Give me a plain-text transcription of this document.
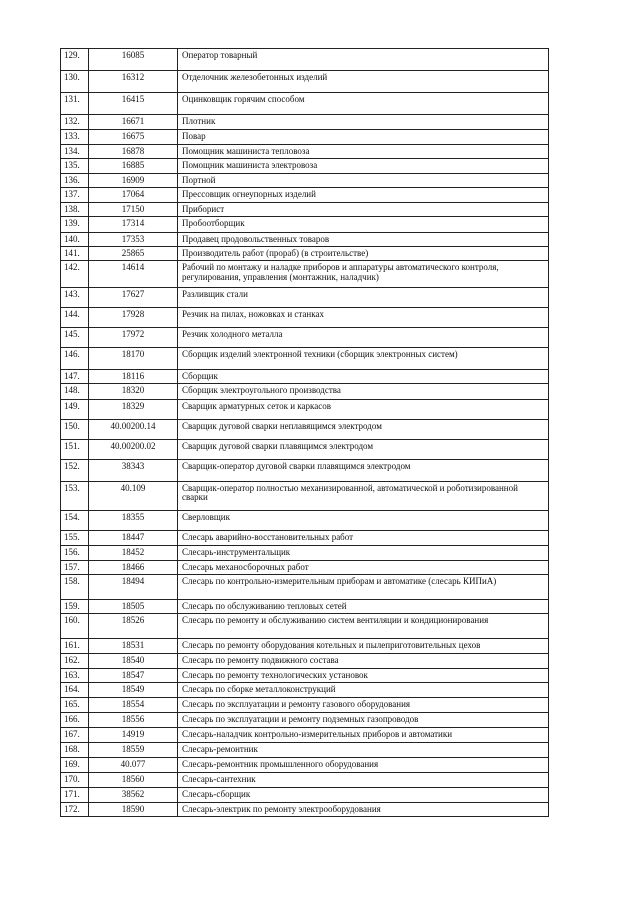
129.	16085	Оператор товарный
130.	16312	Отделочник железобетонных изделий
131.	16415	Оцинковщик горячим способом
132.	16671	Плотник
133.	16675	Повар
134.	16878	Помощник машиниста тепловоза
135.	16885	Помощник машиниста электровоза
136.	16909	Портной
137.	17064	Прессовщик огнеупорных изделий
138.	17150	Приборист
139.	17314	Пробоотборщик
140.	17353	Продавец продовольственных товаров
141.	25865	Производитель работ (прораб) (в строительстве)
142.	14614	Рабочий по монтажу и наладке приборов и аппаратуры автоматического контроля, регулирования, управления (монтажник, наладчик)
143.	17627	Разливщик стали
144.	17928	Резчик на пилах, ножовках и станках
145.	17972	Резчик холодного металла
146.	18170	Сборщик изделий электронной техники (сборщик электронных систем)
147.	18116	Сборщик
148.	18320	Сборщик электроугольного производства
149.	18329	Сварщик арматурных сеток и каркасов
150.	40.00200.14	Сварщик дуговой сварки неплавящимся электродом
151.	40.00200.02	Сварщик дуговой сварки плавящимся электродом
152.	38343	Сварщик-оператор дуговой сварки плавящимся электродом
153.	40.109	Сварщик-оператор полностью механизированной, автоматической и роботизированной сварки
154.	18355	Сверловщик
155.	18447	Слесарь аварийно-восстановительных работ
156.	18452	Слесарь-инструментальщик
157.	18466	Слесарь механосборочных работ
158.	18494	Слесарь по контрольно-измерительным приборам и автоматике (слесарь КИПиА)
159.	18505	Слесарь по обслуживанию тепловых сетей
160.	18526	Слесарь по ремонту и обслуживанию систем вентиляции и кондиционирования
161.	18531	Слесарь по ремонту оборудования котельных и пылеприготовительных цехов
162.	18540	Слесарь по ремонту подвижного состава
163.	18547	Слесарь по ремонту технологических установок
164.	18549	Слесарь по сборке металлоконструкций
165.	18554	Слесарь по эксплуатации и ремонту газового оборудования
166.	18556	Слесарь по эксплуатации и ремонту подземных газопроводов
167.	14919	Слесарь-наладчик контрольно-измерительных приборов и автоматики
168.	18559	Слесарь-ремонтник
169.	40.077	Слесарь-ремонтник промышленного оборудования
170.	18560	Слесарь-сантехник
171.	38562	Слесарь-сборщик
172.	18590	Слесарь-электрик по ремонту электрооборудования
